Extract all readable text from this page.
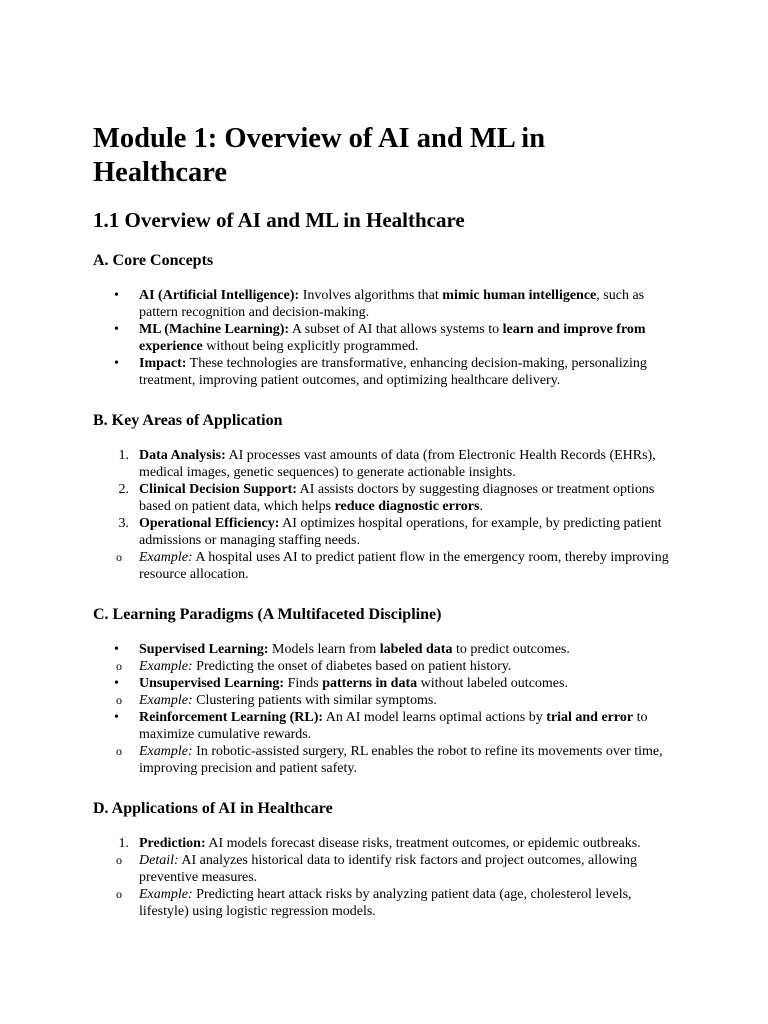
Module 1: Overview of AI and ML in Healthcare
1.1 Overview of AI and ML in Healthcare
A. Core Concepts
• AI (Artificial Intelligence): Involves algorithms that mimic human intelligence, such as pattern recognition and decision-making.
• ML (Machine Learning): A subset of AI that allows systems to learn and improve from experience without being explicitly programmed.
• Impact: These technologies are transformative, enhancing decision-making, personalizing treatment, improving patient outcomes, and optimizing healthcare delivery.
B. Key Areas of Application
1. Data Analysis: AI processes vast amounts of data (from Electronic Health Records (EHRs), medical images, genetic sequences) to generate actionable insights.
2. Clinical Decision Support: AI assists doctors by suggesting diagnoses or treatment options based on patient data, which helps reduce diagnostic errors.
3. Operational Efficiency: AI optimizes hospital operations, for example, by predicting patient admissions or managing staffing needs.
o Example: A hospital uses AI to predict patient flow in the emergency room, thereby improving resource allocation.
C. Learning Paradigms (A Multifaceted Discipline)
• Supervised Learning: Models learn from labeled data to predict outcomes.
o Example: Predicting the onset of diabetes based on patient history.
• Unsupervised Learning: Finds patterns in data without labeled outcomes.
o Example: Clustering patients with similar symptoms.
• Reinforcement Learning (RL): An AI model learns optimal actions by trial and error to maximize cumulative rewards.
o Example: In robotic-assisted surgery, RL enables the robot to refine its movements over time, improving precision and patient safety.
D. Applications of AI in Healthcare
1. Prediction: AI models forecast disease risks, treatment outcomes, or epidemic outbreaks.
o Detail: AI analyzes historical data to identify risk factors and project outcomes, allowing preventive measures.
o Example: Predicting heart attack risks by analyzing patient data (age, cholesterol levels, lifestyle) using logistic regression models.
